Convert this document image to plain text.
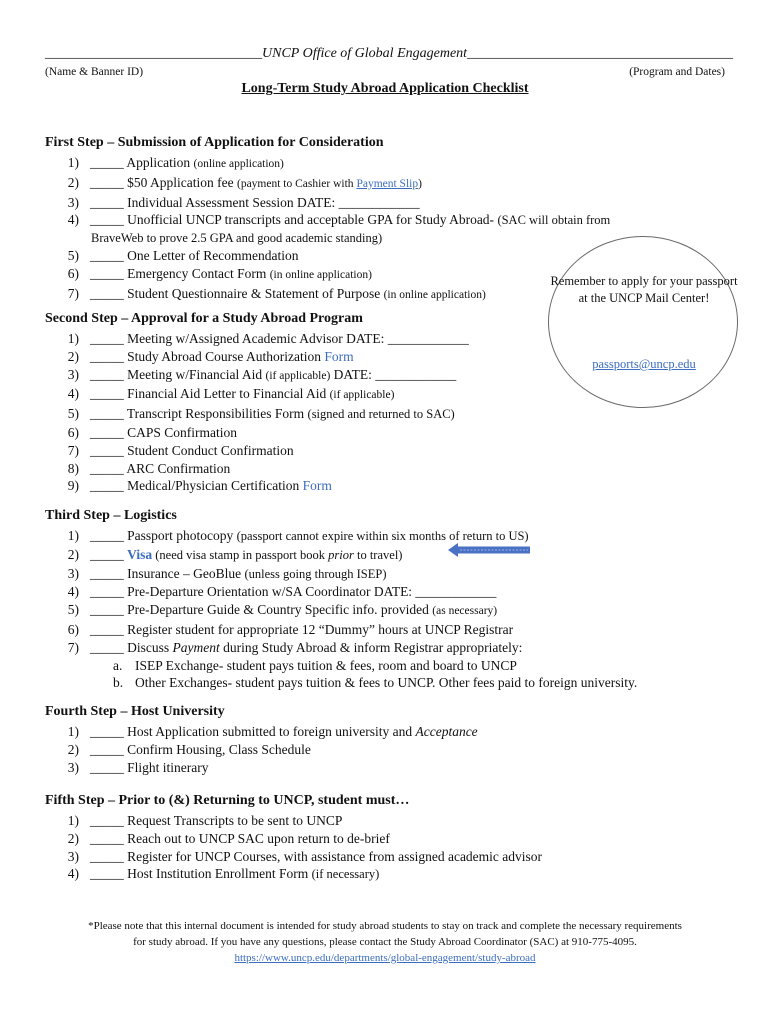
_______________________________UNCP Office of Global Engagement______________________________________
(Name & Banner ID)	(Program and Dates)
Long-Term Study Abroad Application Checklist
First Step – Submission of Application for Consideration
1) _____ Application (online application)
2) _____ $50 Application fee (payment to Cashier with Payment Slip)
3) _____ Individual Assessment Session DATE: ____________
4) _____ Unofficial UNCP transcripts and acceptable GPA for Study Abroad- (SAC will obtain from
BraveWeb to prove 2.5 GPA and good academic standing)
5) _____ One Letter of Recommendation
6) _____ Emergency Contact Form (in online application)
7) _____ Student Questionnaire & Statement of Purpose (in online application)
Second Step – Approval for a Study Abroad Program
1) _____ Meeting w/Assigned Academic Advisor DATE: ____________
2) _____ Study Abroad Course Authorization Form
3) _____ Meeting w/Financial Aid (if applicable) DATE: ____________
4) _____ Financial Aid Letter to Financial Aid (if applicable)
5) _____ Transcript Responsibilities Form (signed and returned to SAC)
6) _____ CAPS Confirmation
7) _____ Student Conduct Confirmation
8) _____ ARC Confirmation
9) _____ Medical/Physician Certification Form
Third Step – Logistics
1) _____ Passport photocopy (passport cannot expire within six months of return to US)
2) _____ Visa (need visa stamp in passport book prior to travel)
3) _____ Insurance – GeoBlue (unless going through ISEP)
4) _____ Pre-Departure Orientation w/SA Coordinator DATE: ____________
5) _____ Pre-Departure Guide & Country Specific info. provided (as necessary)
6) _____ Register student for appropriate 12 “Dummy” hours at UNCP Registrar
7) _____ Discuss Payment during Study Abroad & inform Registrar appropriately:
a. ISEP Exchange- student pays tuition & fees, room and board to UNCP
b. Other Exchanges- student pays tuition & fees to UNCP. Other fees paid to foreign university.
Fourth Step – Host University
1) _____ Host Application submitted to foreign university and Acceptance
2) _____ Confirm Housing, Class Schedule
3) _____ Flight itinerary
Fifth Step – Prior to (&) Returning to UNCP, student must…
1) _____ Request Transcripts to be sent to UNCP
2) _____ Reach out to UNCP SAC upon return to de-brief
3) _____ Register for UNCP Courses, with assistance from assigned academic advisor
4) _____ Host Institution Enrollment Form (if necessary)
Remember to apply for your passport at the UNCP Mail Center!
passports@uncp.edu
*Please note that this internal document is intended for study abroad students to stay on track and complete the necessary requirements
for study abroad. If you have any questions, please contact the Study Abroad Coordinator (SAC) at 910-775-4095.
https://www.uncp.edu/departments/global-engagement/study-abroad
